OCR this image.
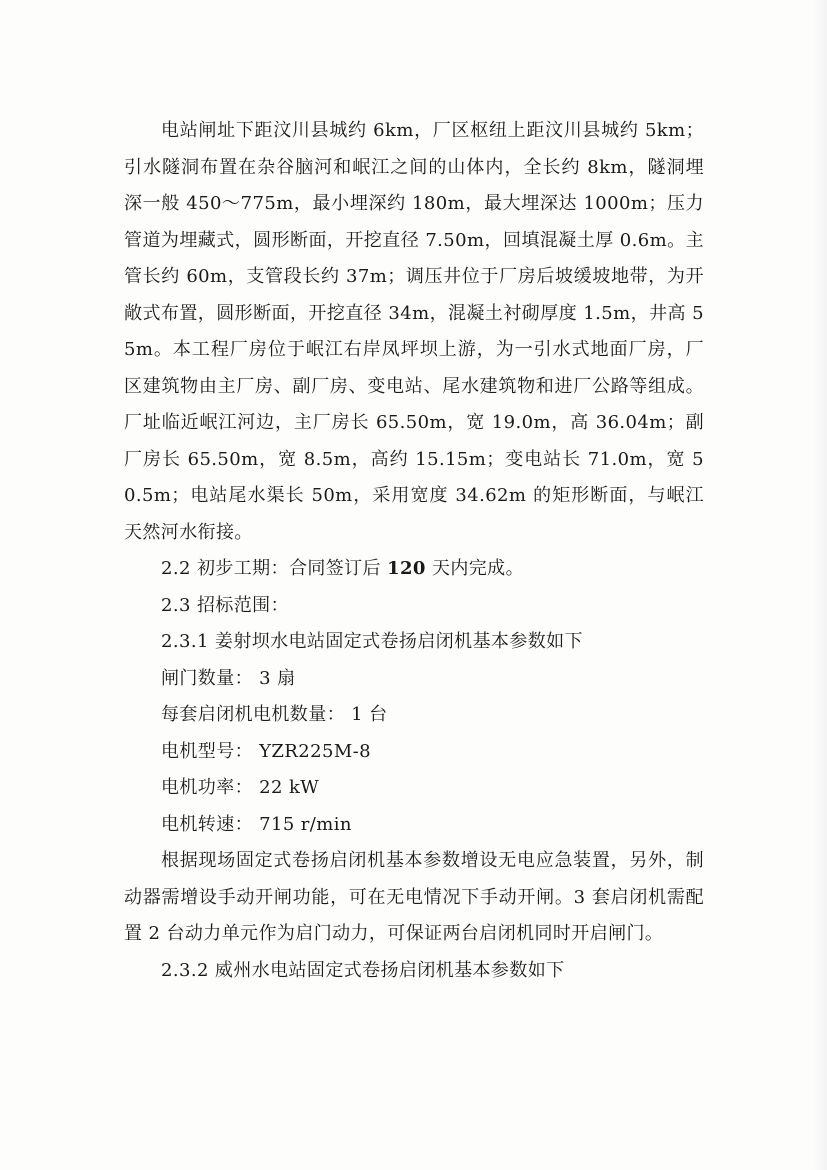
电站闸址下距汶川县城约 6km，厂区枢纽上距汶川县城约 5km；引水隧洞布置在杂谷脑河和岷江之间的山体内，全长约 8km，隧洞埋深一般 450～775m，最小埋深约 180m，最大埋深达 1000m；压力管道为埋藏式，圆形断面，开挖直径 7.50m，回填混凝土厚 0.6m。主管长约 60m，支管段长约 37m；调压井位于厂房后坡缓坡地带，为开敞式布置，圆形断面，开挖直径 34m，混凝土衬砌厚度 1.5m，井高 55m。本工程厂房位于岷江右岸凤坪坝上游，为一引水式地面厂房，厂区建筑物由主厂房、副厂房、变电站、尾水建筑物和进厂公路等组成。厂址临近岷江河边，主厂房长 65.50m，宽 19.0m，高 36.04m；副厂房长 65.50m，宽 8.5m，高约 15.15m；变电站长 71.0m，宽 50.5m；电站尾水渠长 50m，采用宽度 34.62m 的矩形断面，与岷江天然河水衔接。

2.2 初步工期：合同签订后 120 天内完成。

2.3 招标范围：

2.3.1 姜射坝水电站固定式卷扬启闭机基本参数如下

闸门数量： 3 扇

每套启闭机电机数量： 1 台

电机型号： YZR225M-8

电机功率： 22 kW

电机转速： 715 r/min

根据现场固定式卷扬启闭机基本参数增设无电应急装置，另外，制动器需增设手动开闸功能，可在无电情况下手动开闸。3 套启闭机需配置 2 台动力单元作为启门动力，可保证两台启闭机同时开启闸门。

2.3.2 威州水电站固定式卷扬启闭机基本参数如下
